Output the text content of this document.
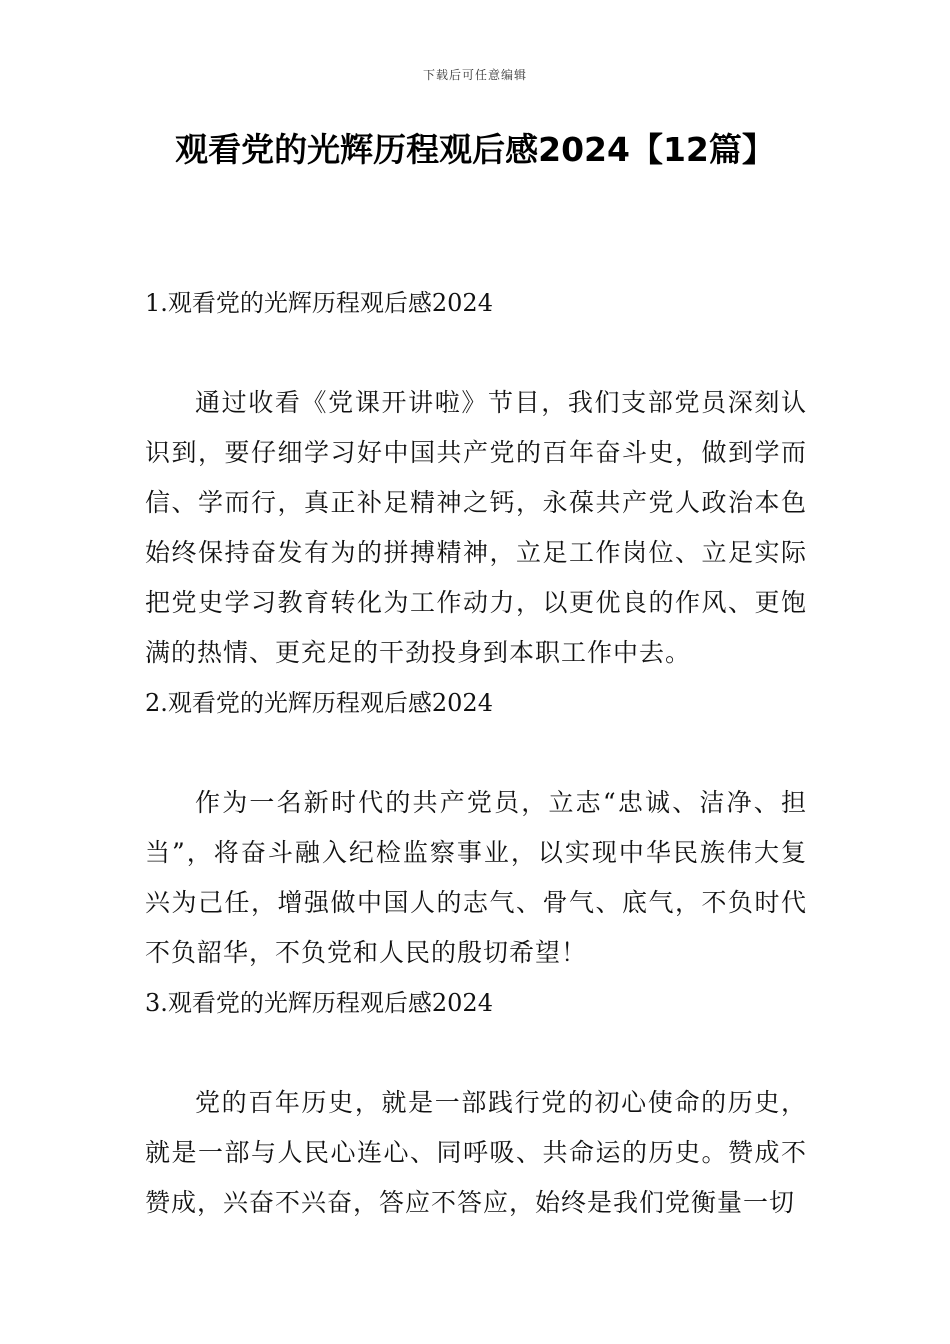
下载后可任意编辑
观看党的光辉历程观后感2024【12篇】
1.观看党的光辉历程观后感2024

通过收看《党课开讲啦》节目，我们支部党员深刻认识到，要仔细学习好中国共产党的百年奋斗史，做到学而信、学而行，真正补足精神之钙，永葆共产党人政治本色始终保持奋发有为的拼搏精神，立足工作岗位、立足实际把党史学习教育转化为工作动力，以更优良的作风、更饱满的热情、更充足的干劲投身到本职工作中去。

2.观看党的光辉历程观后感2024

作为一名新时代的共产党员，立志“忠诚、洁净、担当”，将奋斗融入纪检监察事业，以实现中华民族伟大复兴为己任，增强做中国人的志气、骨气、底气，不负时代不负韶华，不负党和人民的殷切希望！

3.观看党的光辉历程观后感2024

党的百年历史，就是一部践行党的初心使命的历史，就是一部与人民心连心、同呼吸、共命运的历史。赞成不赞成，兴奋不兴奋，答应不答应，始终是我们党衡量一切
